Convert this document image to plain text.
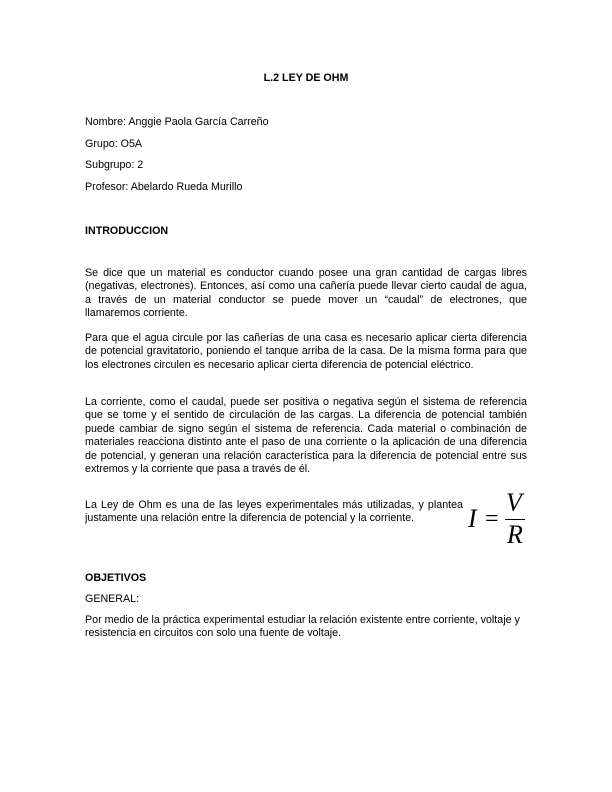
L.2 LEY DE OHM
Nombre: Anggie Paola García Carreño
Grupo: O5A
Subgrupo: 2
Profesor: Abelardo Rueda Murillo
INTRODUCCION

Se dice que un material es conductor cuando posee una gran cantidad de cargas libres (negativas, electrones). Entonces, así como una cañería puede llevar cierto caudal de agua, a través de un material conductor se puede mover un “caudal” de electrones, que llamaremos corriente.

Para que el agua circule por las cañerías de una casa es necesario aplicar cierta diferencia de potencial gravitatorio, poniendo el tanque arriba de la casa. De la misma forma para que los electrones circulen es necesario aplicar cierta diferencia de potencial eléctrico.

La corriente, como el caudal, puede ser positiva o negativa según el sistema de referencia que se tome y el sentido de circulación de las cargas. La diferencia de potencial también puede cambiar de signo según el sistema de referencia. Cada material o combinación de materiales reacciona distinto ante el paso de una corriente o la aplicación de una diferencia de potencial, y generan una relación característica para la diferencia de potencial entre sus extremos y la corriente que pasa a través de él.

La Ley de Ohm es una de las leyes experimentales más utilizadas, y plantea justamente una relación entre la diferencia de potencial y la corriente.	I =
V
R
OBJETIVOS
GENERAL:

Por medio de la práctica experimental estudiar la relación existente entre corriente, voltaje y resistencia en circuitos con solo una fuente de voltaje.
